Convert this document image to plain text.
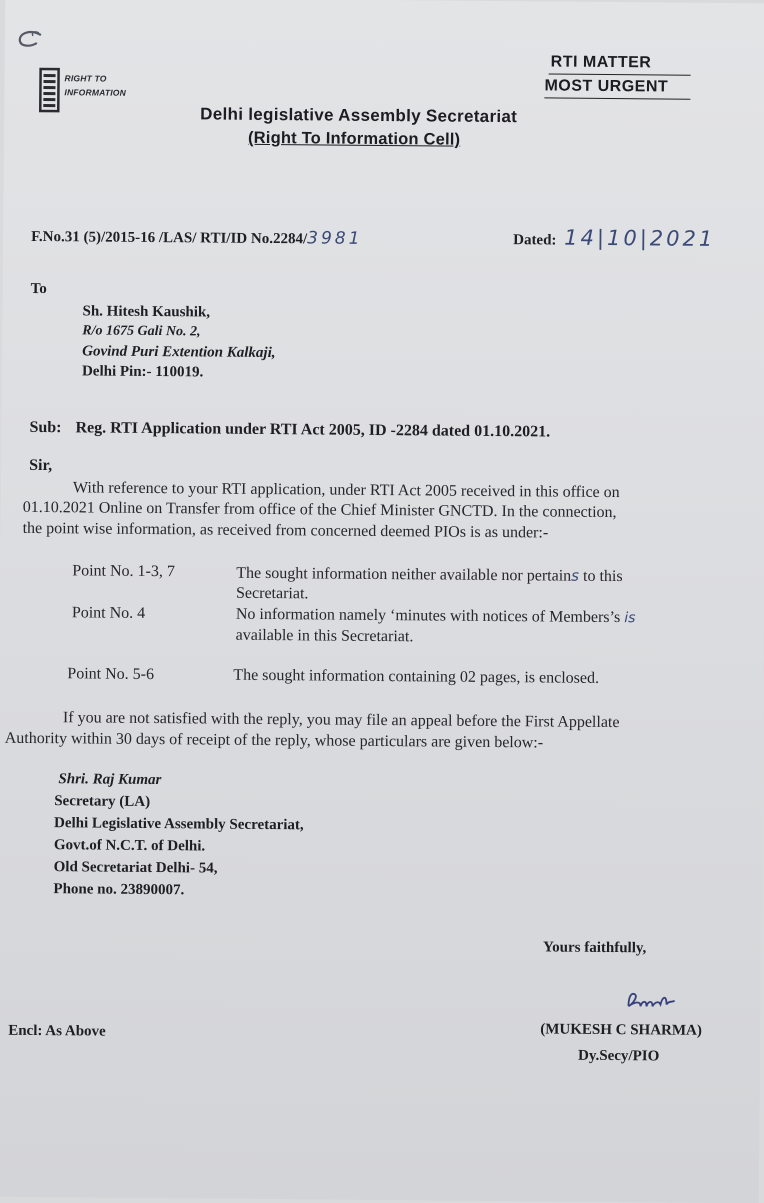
RIGHT TO
INFORMATION
RTI MATTER
MOST URGENT
Delhi legislative Assembly Secretariat
(Right To Information Cell)
F.No.31 (5)/2015-16 /LAS/ RTI/ID No.2284/3981	Dated: 14|10|2021
To
Sh. Hitesh Kaushik,
R/o 1675 Gali No. 2,
Govind Puri Extention Kalkaji,
Delhi Pin:- 110019.
Sub: Reg. RTI Application under RTI Act 2005, ID -2284 dated 01.10.2021.
Sir,
With reference to your RTI application, under RTI Act 2005 received in this office on
01.10.2021 Online on Transfer from office of the Chief Minister GNCTD. In the connection,
the point wise information, as received from concerned deemed PIOs is as under:-
Point No. 1-3, 7	The sought information neither available nor pertains to this
Secretariat.
Point No. 4	No information namely ‘minutes with notices of Members’s is
available in this Secretariat.
Point No. 5-6	The sought information containing 02 pages, is enclosed.
If you are not satisfied with the reply, you may file an appeal before the First Appellate
Authority within 30 days of receipt of the reply, whose particulars are given below:-
Shri. Raj Kumar
Secretary (LA)
Delhi Legislative Assembly Secretariat,
Govt.of N.C.T. of Delhi.
Old Secretariat Delhi- 54,
Phone no. 23890007.
Yours faithfully,
Encl: As Above	(MUKESH C SHARMA)
Dy.Secy/PIO
